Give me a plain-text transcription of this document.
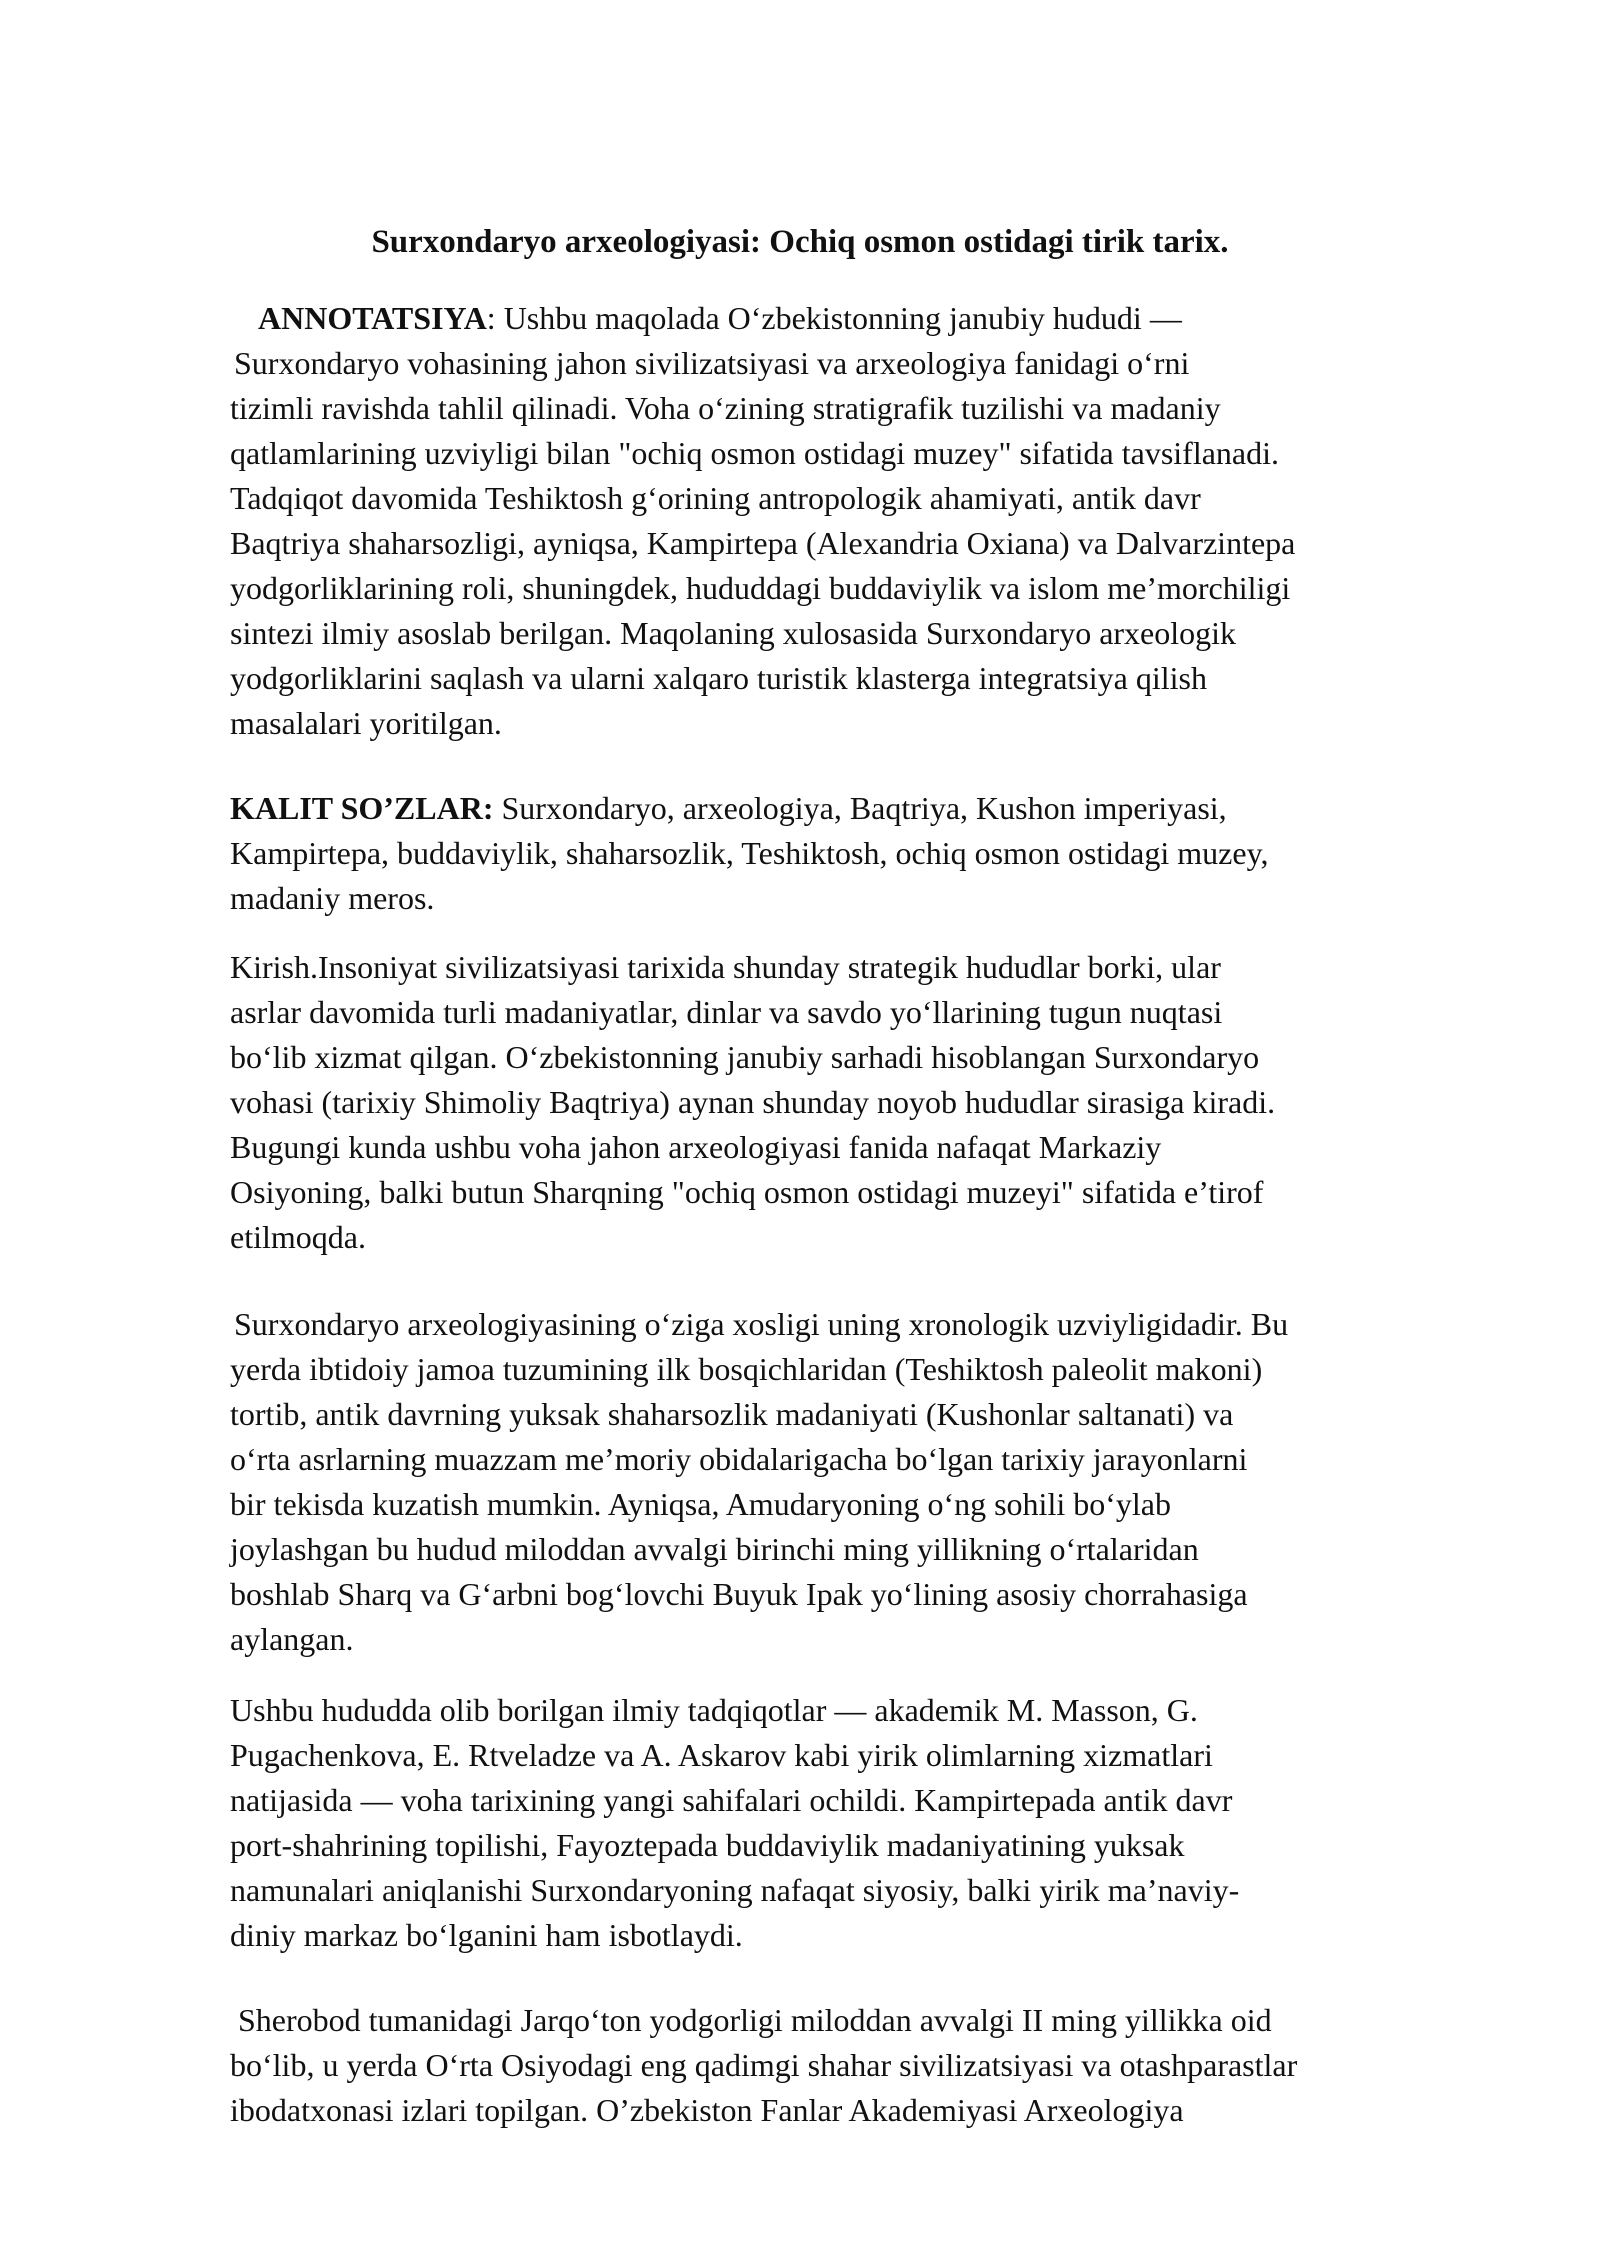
Surxondaryo arxeologiyasi: Ochiq osmon ostidagi tirik tarix.
ANNOTATSIYA: Ushbu maqolada O‘zbekistonning janubiy hududi —
Surxondaryo vohasining jahon sivilizatsiyasi va arxeologiya fanidagi o‘rni
tizimli ravishda tahlil qilinadi. Voha o‘zining stratigrafik tuzilishi va madaniy
qatlamlarining uzviyligi bilan "ochiq osmon ostidagi muzey" sifatida tavsiflanadi.
Tadqiqot davomida Teshiktosh g‘orining antropologik ahamiyati, antik davr
Baqtriya shaharsozligi, ayniqsa, Kampirtepa (Alexandria Oxiana) va Dalvarzintepa
yodgorliklarining roli, shuningdek, hududdagi buddaviylik va islom me’morchiligi
sintezi ilmiy asoslab berilgan. Maqolaning xulosasida Surxondaryo arxeologik
yodgorliklarini saqlash va ularni xalqaro turistik klasterga integratsiya qilish
masalalari yoritilgan.
KALIT SO’ZLAR: Surxondaryo, arxeologiya, Baqtriya, Kushon imperiyasi,
Kampirtepa, buddaviylik, shaharsozlik, Teshiktosh, ochiq osmon ostidagi muzey,
madaniy meros.
Kirish.Insoniyat sivilizatsiyasi tarixida shunday strategik hududlar borki, ular
asrlar davomida turli madaniyatlar, dinlar va savdo yo‘llarining tugun nuqtasi
bo‘lib xizmat qilgan. O‘zbekistonning janubiy sarhadi hisoblangan Surxondaryo
vohasi (tarixiy Shimoliy Baqtriya) aynan shunday noyob hududlar sirasiga kiradi.
Bugungi kunda ushbu voha jahon arxeologiyasi fanida nafaqat Markaziy
Osiyoning, balki butun Sharqning "ochiq osmon ostidagi muzeyi" sifatida e’tirof
etilmoqda.
Surxondaryo arxeologiyasining o‘ziga xosligi uning xronologik uzviyligidadir. Bu
yerda ibtidoiy jamoa tuzumining ilk bosqichlaridan (Teshiktosh paleolit makoni)
tortib, antik davrning yuksak shaharsozlik madaniyati (Kushonlar saltanati) va
o‘rta asrlarning muazzam me’moriy obidalarigacha bo‘lgan tarixiy jarayonlarni
bir tekisda kuzatish mumkin. Ayniqsa, Amudaryoning o‘ng sohili bo‘ylab
joylashgan bu hudud miloddan avvalgi birinchi ming yillikning o‘rtalaridan
boshlab Sharq va G‘arbni bog‘lovchi Buyuk Ipak yo‘lining asosiy chorrahasiga
aylangan.
Ushbu hududda olib borilgan ilmiy tadqiqotlar — akademik M. Masson, G.
Pugachenkova, E. Rtveladze va A. Askarov kabi yirik olimlarning xizmatlari
natijasida — voha tarixining yangi sahifalari ochildi. Kampirtepada antik davr
port-shahrining topilishi, Fayoztepada buddaviylik madaniyatining yuksak
namunalari aniqlanishi Surxondaryoning nafaqat siyosiy, balki yirik ma’naviy-
diniy markaz bo‘lganini ham isbotlaydi.
Sherobod tumanidagi Jarqo‘ton yodgorligi miloddan avvalgi II ming yillikka oid
bo‘lib, u yerda O‘rta Osiyodagi eng qadimgi shahar sivilizatsiyasi va otashparastlar
ibodatxonasi izlari topilgan. O’zbekiston Fanlar Akademiyasi Arxeologiya
